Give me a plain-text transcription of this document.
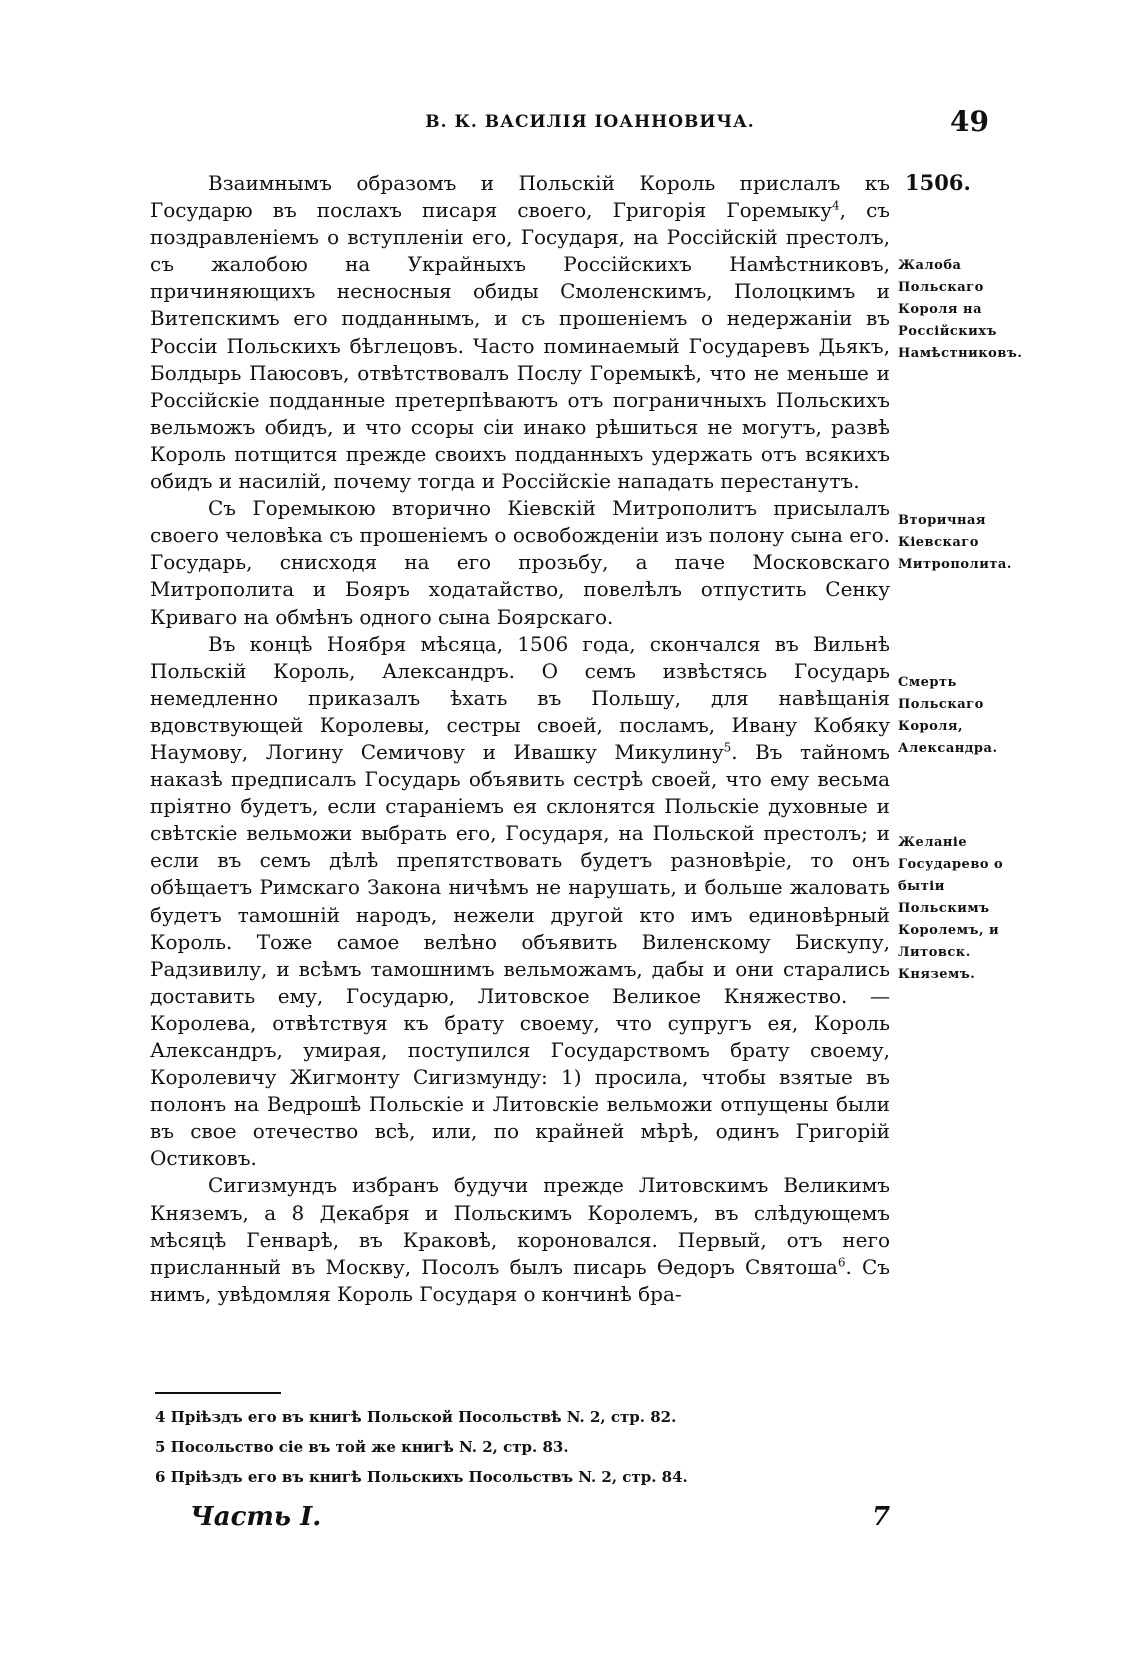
В. К. ВАСИЛІЯ ІОАННОВИЧА.	49
1506.

Взаимнымъ образомъ и Польскій Король прислалъ къ Государю въ послахъ писаря своего, Григорія Горемыку$^4$, съ поздравленіемъ о вступленіи его, Государя, на Россійскій престолъ, съ жалобою на Украйныхъ Россійскихъ Намѣстниковъ, причиняющихъ несносныя обиды Смоленскимъ, Полоцкимъ и Витепскимъ его подданнымъ, и съ прошеніемъ о недержаніи въ Россіи Польскихъ бѣглецовъ. Часто поминаемый Государевъ Дьякъ, Болдырь Паюсовъ, отвѣтствовалъ Послу Горемыкѣ, что не меньше и Россійскіе подданные претерпѣваютъ отъ пограничныхъ Польскихъ вельможъ обидъ, и что ссоры сіи инако рѣшиться не могутъ, развѣ Король потщится прежде своихъ подданныхъ удержать отъ всякихъ обидъ и насилій, почему тогда и Россійскіе нападать перестанутъ.

Съ Горемыкою вторично Кіевскій Митрополитъ присылалъ своего человѣка съ прошеніемъ о освобожденіи изъ полону сына его. Государь, снисходя на его прозьбу, а паче Московскаго Митрополита и Бояръ ходатайство, повелѣлъ отпустить Сенку Криваго на обмѣнъ одного сына Боярскаго.

Въ концѣ Ноября мѣсяца, 1506 года, скончался въ Вильнѣ Польскій Король, Александръ. О семъ извѣстясь Государь немедленно приказалъ ѣхать въ Польшу, для навѣщанія вдовствующей Королевы, сестры своей, посламъ, Ивану Кобяку Наумову, Логину Семичову и Ивашку Микулину$^5$. Въ тайномъ наказѣ предписалъ Государь объявить сестрѣ своей, что ему весьма пріятно будетъ, если стараніемъ ея склонятся Польскіе духовные и свѣтскіе вельможи выбрать его, Государя, на Польской престолъ; и если въ семъ дѣлѣ препятствовать будетъ разновѣріе, то онъ обѣщаетъ Римскаго Закона ничѣмъ не нарушать, и больше жаловать будетъ тамошній народъ, нежели другой кто имъ единовѣрный Король. Тоже самое велѣно объявить Виленскому Бискупу, Радзивилу, и всѣмъ тамошнимъ вельможамъ, дабы и они старались доставить ему, Государю, Литовское Великое Княжество. — Королева, отвѣтствуя къ брату своему, что супругъ ея, Король Александръ, умирая, поступился Государствомъ брату своему, Королевичу Жигмонту Сигизмунду: 1) просила, чтобы взятые въ полонъ на Ведрошѣ Польскіе и Литовскіе вельможи отпущены были въ свое отечество всѣ, или, по крайней мѣрѣ, одинъ Григорій Остиковъ.

Сигизмундъ избранъ будучи прежде Литовскимъ Великимъ Княземъ, а 8 Декабря и Польскимъ Королемъ, въ слѣдующемъ мѣсяцѣ Генварѣ, въ Краковѣ, короновался. Первый, отъ него присланный въ Москву, Посолъ былъ писарь Ѳедоръ Святоша$^6$. Съ нимъ, увѣдомляя Король Государя о кончинѣ бра-

Жалоба Польскаго Короля на Россійскихъ Намѣстниковъ.
Вторичная Кіевскаго Митрополита.
Смерть Польскаго Короля, Александра.
Желаніе Государево о бытіи Польскимъ Королемъ, и Литовск. Княземъ.
4 Пріѣздъ его въ книгѣ Польской Посольствѣ N. 2, стр. 82.
5 Посольство сіе въ той же книгѣ N. 2, стр. 83.
6 Пріѣздъ его въ книгѣ Польскихъ Посольствъ N. 2, стр. 84.
Часть I.	7
